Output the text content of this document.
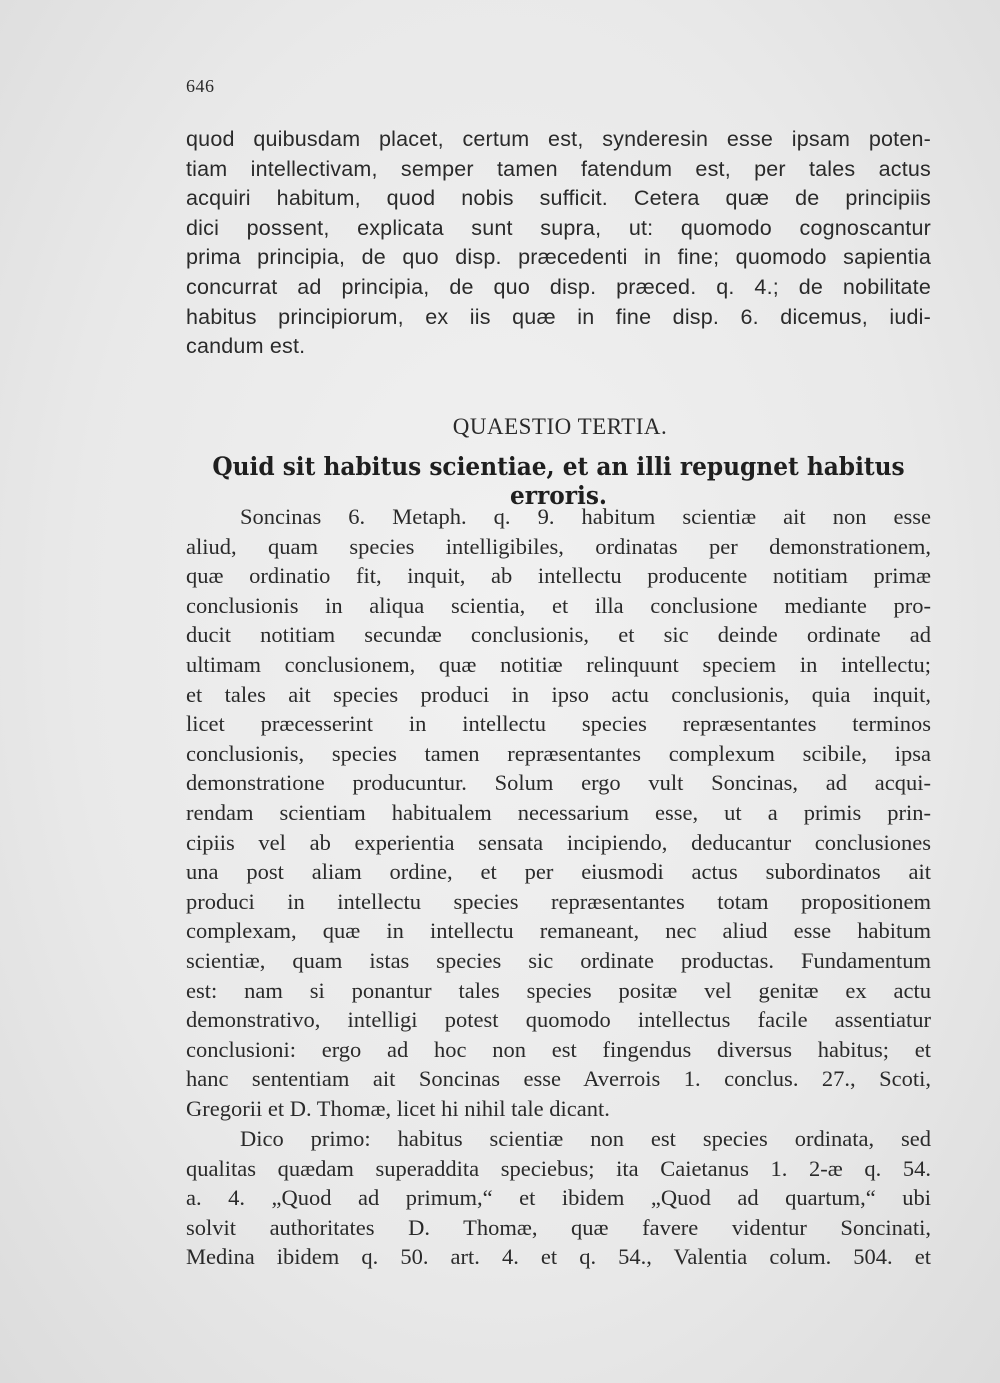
646
quod quibusdam placet, certum est, synderesin esse ipsam poten-
tiam intellectivam, semper tamen fatendum est, per tales actus
acquiri habitum, quod nobis sufficit. Cetera quæ de principiis
dici possent, explicata sunt supra, ut: quomodo cognoscantur
prima principia, de quo disp. præcedenti in fine; quomodo sapientia
concurrat ad principia, de quo disp. præced. q. 4.; de nobilitate
habitus principiorum, ex iis quæ in fine disp. 6. dicemus, iudi-
candum est.
QUAESTIO TERTIA.
Quid sit habitus scientiae, et an illi repugnet habitus erroris.
Soncinas 6. Metaph. q. 9. habitum scientiæ ait non esse
aliud, quam species intelligibiles, ordinatas per demonstrationem,
quæ ordinatio fit, inquit, ab intellectu producente notitiam primæ
conclusionis in aliqua scientia, et illa conclusione mediante pro-
ducit notitiam secundæ conclusionis, et sic deinde ordinate ad
ultimam conclusionem, quæ notitiæ relinquunt speciem in intellectu;
et tales ait species produci in ipso actu conclusionis, quia inquit,
licet præcesserint in intellectu species repræsentantes terminos
conclusionis, species tamen repræsentantes complexum scibile, ipsa
demonstratione producuntur. Solum ergo vult Soncinas, ad acqui-
rendam scientiam habitualem necessarium esse, ut a primis prin-
cipiis vel ab experientia sensata incipiendo, deducantur conclusiones
una post aliam ordine, et per eiusmodi actus subordinatos ait
produci in intellectu species repræsentantes totam propositionem
complexam, quæ in intellectu remaneant, nec aliud esse habitum
scientiæ, quam istas species sic ordinate productas. Fundamentum
est: nam si ponantur tales species positæ vel genitæ ex actu
demonstrativo, intelligi potest quomodo intellectus facile assentiatur
conclusioni: ergo ad hoc non est fingendus diversus habitus; et
hanc sententiam ait Soncinas esse Averrois 1. conclus. 27., Scoti,
Gregorii et D. Thomæ, licet hi nihil tale dicant.
Dico primo: habitus scientiæ non est species ordinata, sed
qualitas quædam superaddita speciebus; ita Caietanus 1. 2-æ q. 54.
a. 4. „Quod ad primum,“ et ibidem „Quod ad quartum,“ ubi
solvit authoritates D. Thomæ, quæ favere videntur Soncinati,
Medina ibidem q. 50. art. 4. et q. 54., Valentia colum. 504. et
